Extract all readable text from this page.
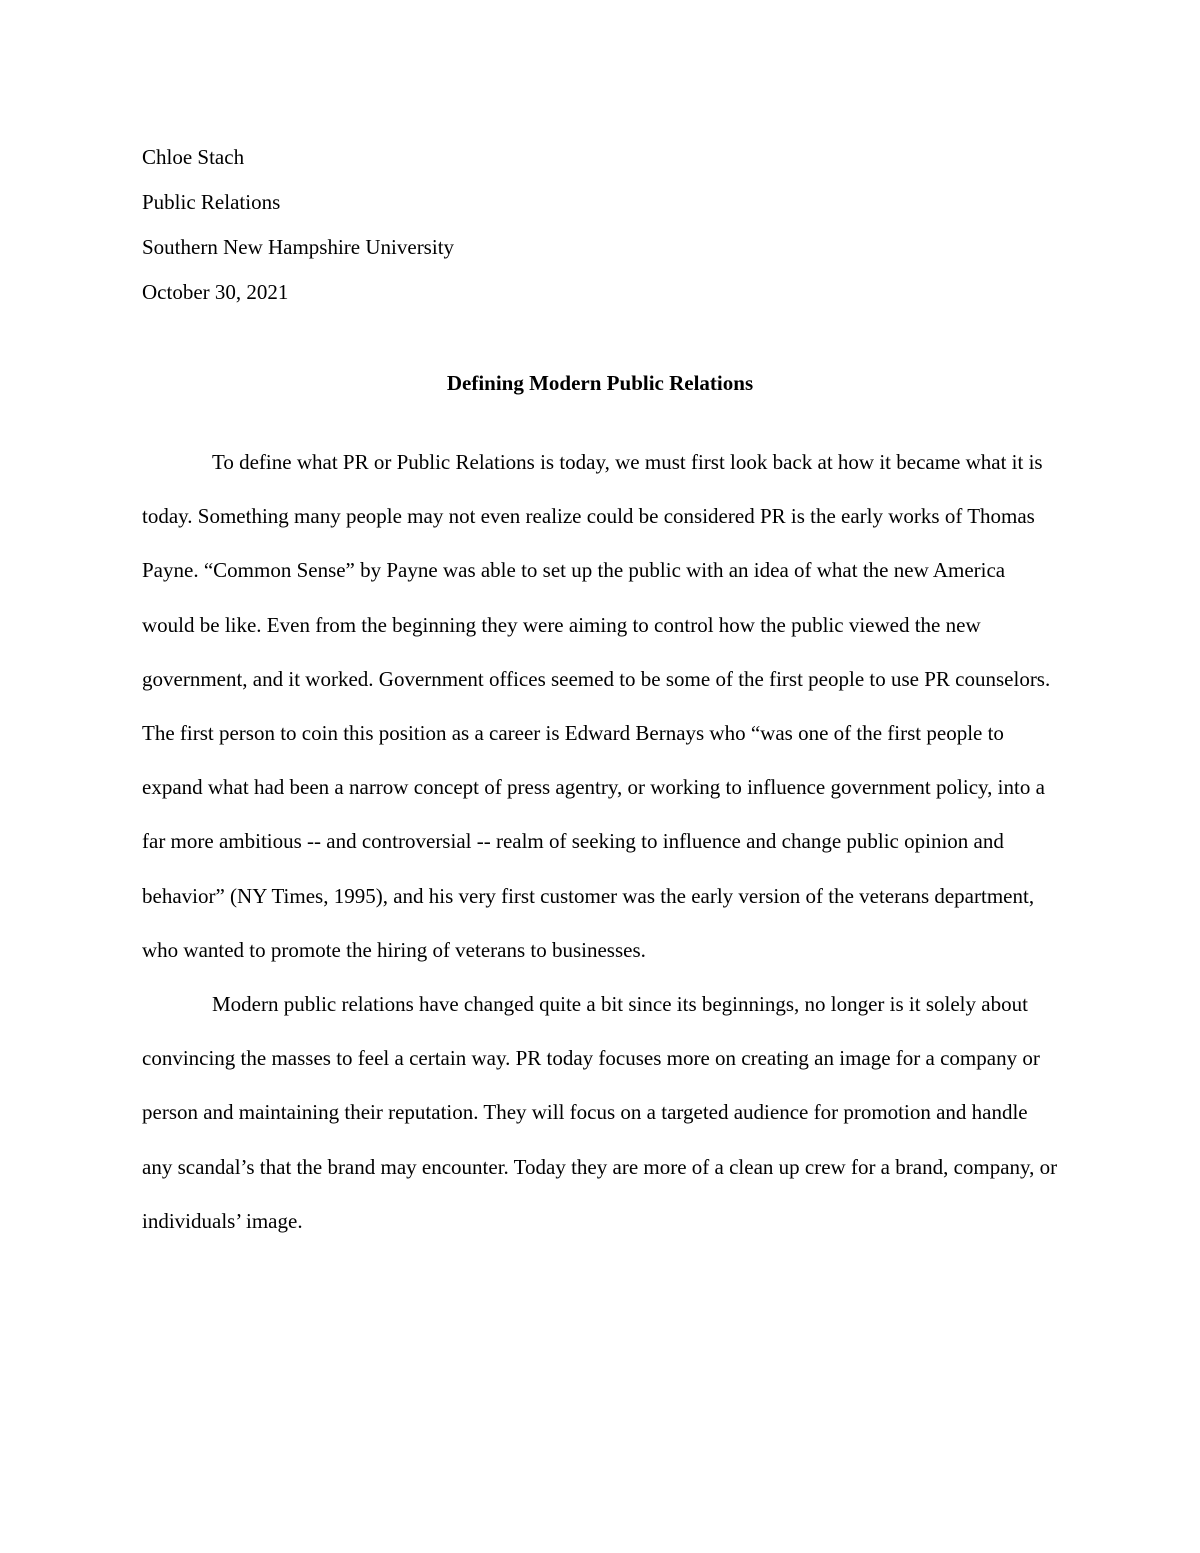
Chloe Stach
Public Relations
Southern New Hampshire University
October 30, 2021
Defining Modern Public Relations

To define what PR or Public Relations is today, we must first look back at how it became what it is today. Something many people may not even realize could be considered PR is the early works of Thomas Payne. “Common Sense” by Payne was able to set up the public with an idea of what the new America would be like. Even from the beginning they were aiming to control how the public viewed the new government, and it worked. Government offices seemed to be some of the first people to use PR counselors. The first person to coin this position as a career is Edward Bernays who “was one of the first people to expand what had been a narrow concept of press agentry, or working to influence government policy, into a far more ambitious -- and controversial -- realm of seeking to influence and change public opinion and behavior” (NY Times, 1995), and his very first customer was the early version of the veterans department, who wanted to promote the hiring of veterans to businesses.

Modern public relations have changed quite a bit since its beginnings, no longer is it solely about convincing the masses to feel a certain way. PR today focuses more on creating an image for a company or person and maintaining their reputation. They will focus on a targeted audience for promotion and handle any scandal’s that the brand may encounter. Today they are more of a clean up crew for a brand, company, or individuals’ image.
